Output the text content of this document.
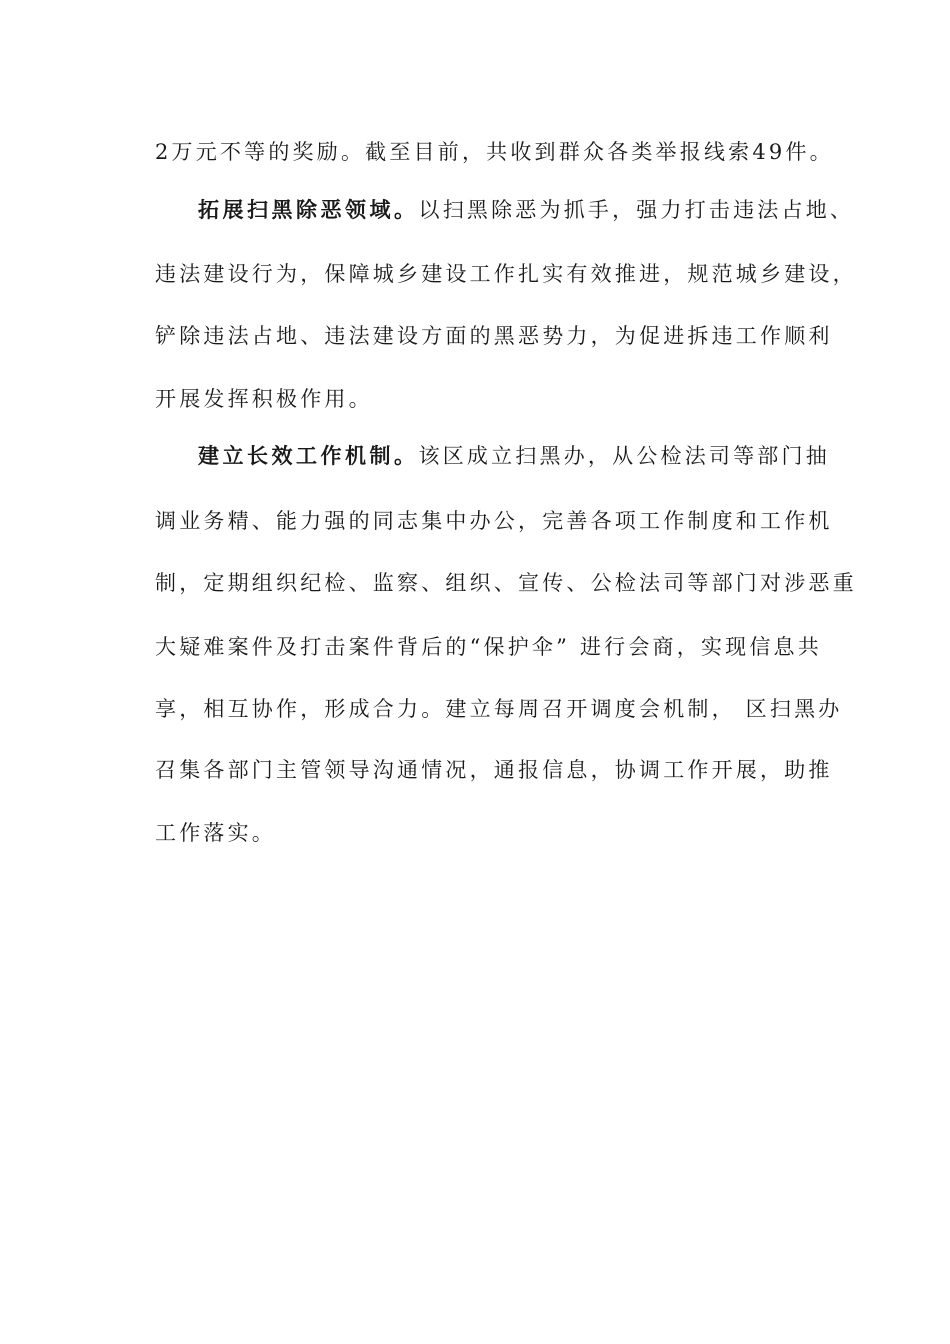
2万元不等的奖励。截至目前，共收到群众各类举报线索49件。
拓展扫黑除恶领域。以扫黑除恶为抓手，强力打击违法占地、
违法建设行为，保障城乡建设工作扎实有效推进，规范城乡建设，
铲除违法占地、违法建设方面的黑恶势力，为促进拆违工作顺利
开展发挥积极作用。
建立长效工作机制。该区成立扫黑办，从公检法司等部门抽
调业务精、能力强的同志集中办公，完善各项工作制度和工作机
制，定期组织纪检、监察、组织、宣传、公检法司等部门对涉恶重
大疑难案件及打击案件背后的“保护伞” 进行会商，实现信息共
享，相互协作，形成合力。建立每周召开调度会机制， 区扫黑办
召集各部门主管领导沟通情况，通报信息，协调工作开展，助推
工作落实。
